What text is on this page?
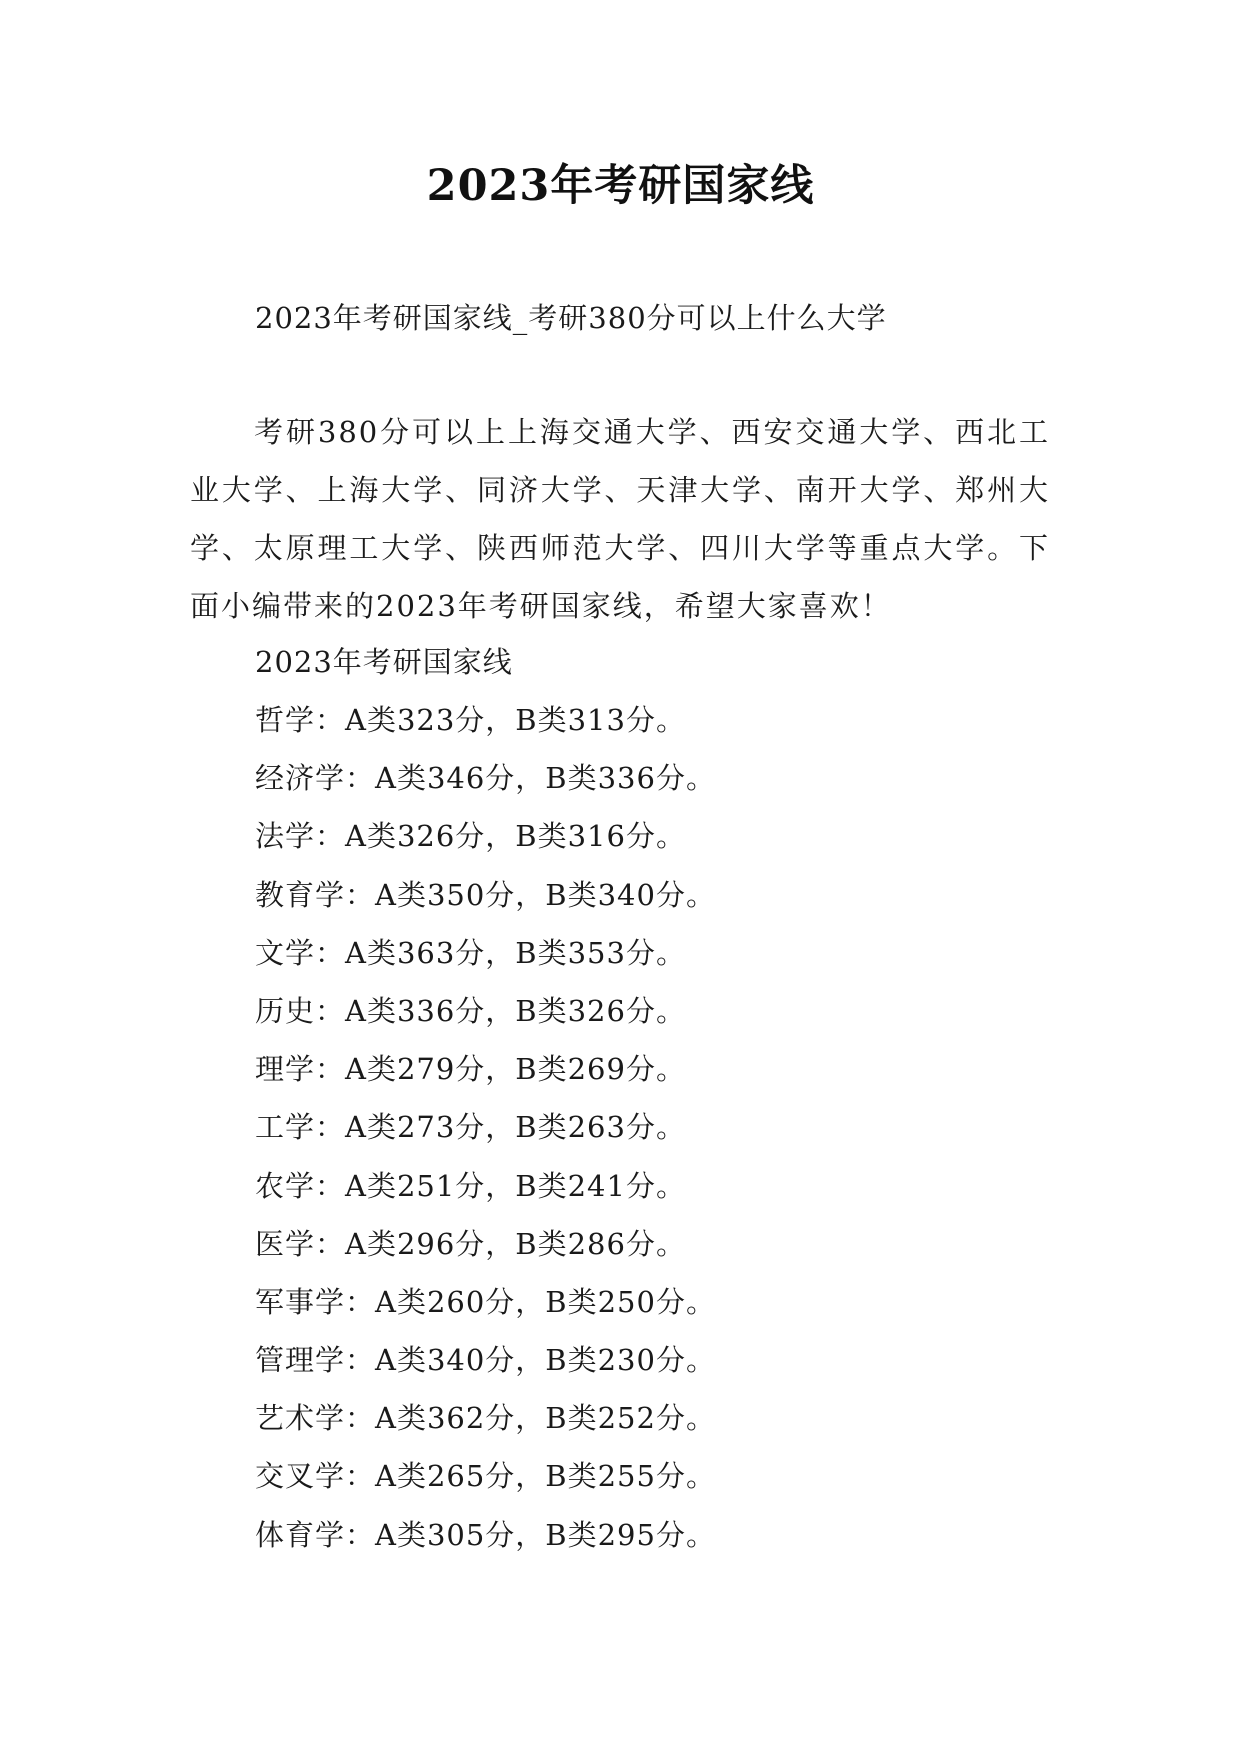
2023年考研国家线
2023年考研国家线_考研380分可以上什么大学

考研380分可以上上海交通大学、西安交通大学、西北工业大学、上海大学、同济大学、天津大学、南开大学、郑州大学、太原理工大学、陕西师范大学、四川大学等重点大学。下面小编带来的2023年考研国家线，希望大家喜欢！

2023年考研国家线
哲学：A类323分，B类313分。
经济学：A类346分，B类336分。
法学：A类326分，B类316分。
教育学：A类350分，B类340分。
文学：A类363分，B类353分。
历史：A类336分，B类326分。
理学：A类279分，B类269分。
工学：A类273分，B类263分。
农学：A类251分，B类241分。
医学：A类296分，B类286分。
军事学：A类260分，B类250分。
管理学：A类340分，B类230分。
艺术学：A类362分，B类252分。
交叉学：A类265分，B类255分。
体育学：A类305分，B类295分。
